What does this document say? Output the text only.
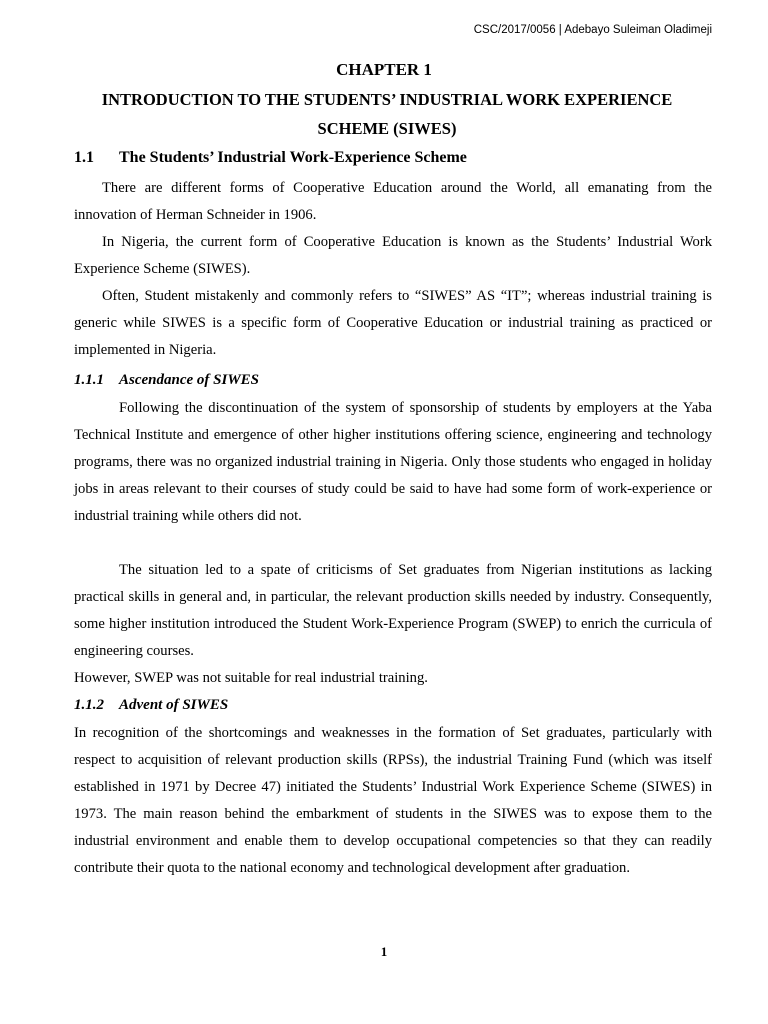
CSC/2017/0056 | Adebayo Suleiman Oladimeji
CHAPTER 1
INTRODUCTION TO THE STUDENTS’ INDUSTRIAL WORK EXPERIENCE
SCHEME (SIWES)
1.1 The Students’ Industrial Work-Experience Scheme

There are different forms of Cooperative Education around the World, all emanating from the innovation of Herman Schneider in 1906.

In Nigeria, the current form of Cooperative Education is known as the Students’ Industrial Work Experience Scheme (SIWES).

Often, Student mistakenly and commonly refers to “SIWES” AS “IT”; whereas industrial training is generic while SIWES is a specific form of Cooperative Education or industrial training as practiced or implemented in Nigeria.

1.1.1 Ascendance of SIWES

Following the discontinuation of the system of sponsorship of students by employers at the Yaba Technical Institute and emergence of other higher institutions offering science, engineering and technology programs, there was no organized industrial training in Nigeria. Only those students who engaged in holiday jobs in areas relevant to their courses of study could be said to have had some form of work-experience or industrial training while others did not.

The situation led to a spate of criticisms of Set graduates from Nigerian institutions as lacking practical skills in general and, in particular, the relevant production skills needed by industry. Consequently, some higher institution introduced the Student Work-Experience Program (SWEP) to enrich the curricula of engineering courses.

However, SWEP was not suitable for real industrial training.

1.1.2 Advent of SIWES

In recognition of the shortcomings and weaknesses in the formation of Set graduates, particularly with respect to acquisition of relevant production skills (RPSs), the industrial Training Fund (which was itself established in 1971 by Decree 47) initiated the Students’ Industrial Work Experience Scheme (SIWES) in 1973. The main reason behind the embarkment of students in the SIWES was to expose them to the industrial environment and enable them to develop occupational competencies so that they can readily contribute their quota to the national economy and technological development after graduation.

1
